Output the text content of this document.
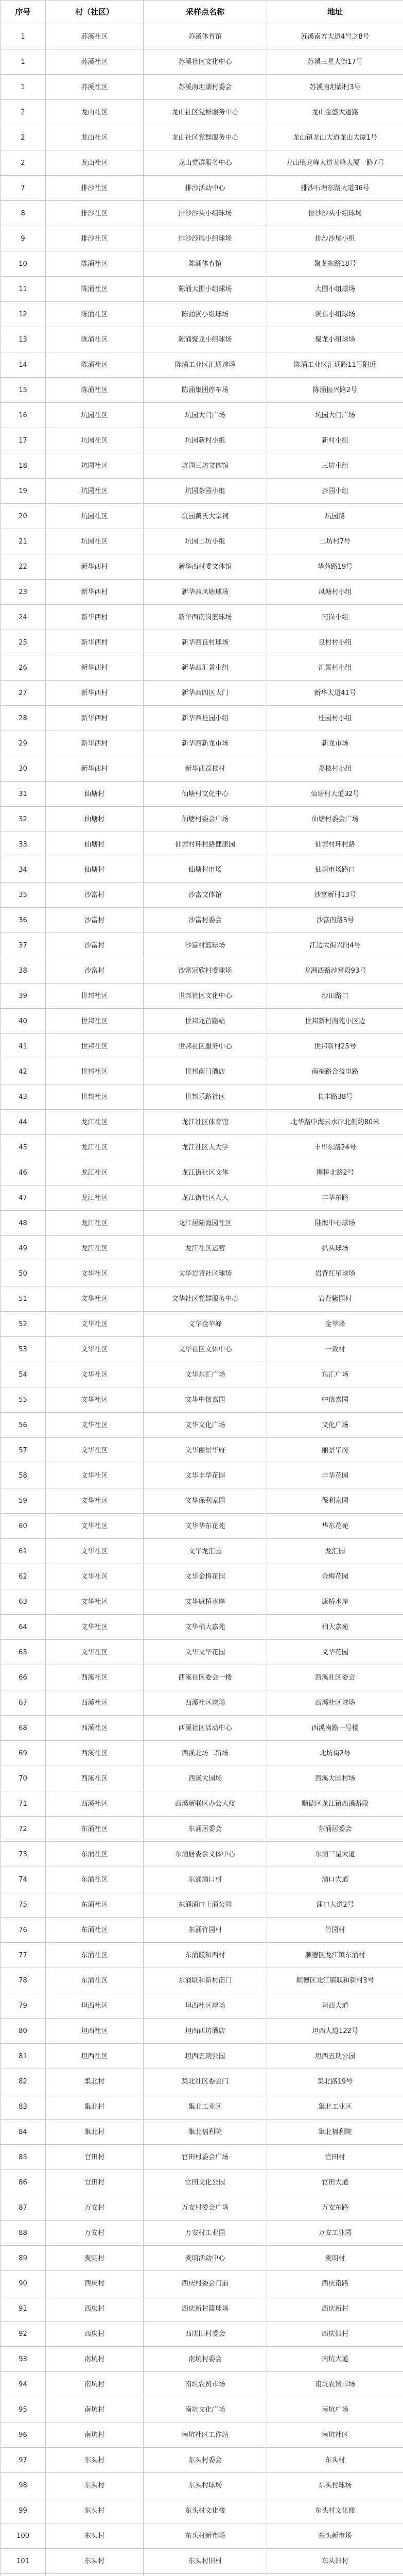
序号	村（社区）	采样点名称	地址
1	苏溪社区	苏溪体育馆	苏溪南方大道4号之8号
1	苏溪社区	苏溪社区文化中心	苏溪三星大街17号
1	苏溪社区	苏溪南坦湖村委会	苏溪南坦湖村3号
2	龙山社区	龙山社区党群服务中心	龙山金盛大道路
2	龙山社区	龙山社区党群服务中心	龙山镇龙山大道龙山大厦1号
2	龙山社区	龙山党群服务中心	龙山镇龙峰大道龙峰大厦一路7号
7	排沙社区	排沙活动中心	排沙石塘东路大道36号
8	排沙社区	排沙沙头小组球场	排沙沙头小组球场
9	排沙社区	排沙沙尾小组球场	排沙沙尾小组
10	陈涌社区	陈涌体育馆	聚龙东路18号
11	陈涌社区	陈涌大围小组球场	大围小组球场
12	陈涌社区	陈涌溪小组球场	溪东小组球场
13	陈涌社区	陈涌聚龙小组球场	聚龙小组球场
14	陈涌社区	陈涌工业区汇通球场	陈涌工业区汇通路11号附近
15	陈涌社区	陈涌集团停车场	陈涌振兴路2号
16	坑园社区	坑园大门广场	坑园大门广场
17	坑园社区	坑园新村小组	新村小组
18	坑园社区	坑园三坊文体馆	三坊小组
19	坑园社区	坑园茶园小组	茶园小组
20	坑园社区	坑园黄氏大宗祠	坑园路
21	坑园社区	坑园二坊小组	二坊村7号
22	新华西村	新华西村委文体馆	华苑路19号
23	新华西村	新华西凤塘球场	凤塘村小组
24	新华西村	新华西南岗篮球场	南岗小组
25	新华西村	新华西良村球场	良村村小组
26	新华西村	新华西汇景小组	汇景村小组
27	新华西村	新华西四区大门	新华大道41号
28	新华西村	新华西桂园小组	桂园村小组
29	新华西村	新华西新龙市场	新龙市场
30	新华西村	新华西荔枝村	荔枝村小组
31	仙塘村	仙塘村文化中心	仙塘村大道32号
32	仙塘村	仙塘村委会广场	仙塘村委会广场
33	仙塘村	仙塘村环村路健康园	仙塘村环村路
34	仙塘村	仙塘村市场	仙塘市场路口
35	沙富村	沙富文体馆	沙富新村13号
36	沙富村	沙富村委会	沙富南路3号
37	沙富村	沙富村篮球场	江边大街兴阳4号
38	沙富村	沙富冠欣村委球场	龙洲西路沙富段93号
39	世邦社区	世邦社区文化中心	沙田路口
40	世邦社区	世邦龙首路站	世邦新村南苑小区边
41	世邦社区	世邦社区服务中心	世邦新村25号
42	世邦社区	世邦南门酒店	南福路合益电路
43	世邦社区	世邦乐路社区	长丰路38号
44	龙江社区	龙江社区体育馆	北华路中海云水岸北侧约80米
45	龙江社区	龙江社区人大学	丰华东路24号
46	龙江社区	龙江街社区文体	狮桥北路2号
47	龙江社区	龙江街社区人大	丰华东路
48	龙江社区	龙江居陆海园社区	陆海中心球场
49	龙江社区	龙江社区运营	扒头球场
50	文华社区	文华岩背社区球场	岩背红星球场
51	文华社区	文华社区党群服务中心	岩背紫园村
52	文华社区	文华金苹峰	金苹峰
53	文华社区	文华社区文体中心	一致村
54	文华社区	文华东汇广场	东汇广场
55	文华社区	文华中信嘉园	中信嘉园
56	文华社区	文华文化广场	文化广场
57	文华社区	文华丽景华府	丽景华府
58	文华社区	文华丰华花园	丰华花园
59	文华社区	文华保利家园	保利家园
60	文华社区	文华华东花苑	华东花苑
61	文华社区	文华龙汇园	龙汇园
62	文华社区	文华金梅花园	金梅花园
63	文华社区	文华康桥水岸	康桥水岸
64	文华社区	文华柏大嘉苑	柏大嘉苑
65	文华社区	文华文华花园	文华花园
66	西溪社区	西溪社区委会一楼	西溪社区委会
67	西溪社区	西溪社区球场	西溪社区球场
68	西溪社区	西溪社区活动中心	西溪南路一号楼
69	西溪社区	西溪北坊二新场	北坊街2号
70	西溪社区	西溪大园场	西溪大园村场
71	西溪社区	西溪新联区办公大楼	顺德区龙江镇西溪路段
72	东涌社区	东涌居委会	东涌居委会
73	东涌社区	东涌居委会文体中心	东涌三星大道
74	东涌社区	东涌涌口村	涌口大道
75	东涌社区	东涌涌口上涌公园	涌口大道2号
76	东涌社区	东涌竹园村	竹园村
77	东涌社区	东涌联和西村	顺德区龙江镇东涌村
78	东涌社区	东涌联和新村南门	顺德区龙江镇联和新村3号
79	坦西社区	坦西社区球场	坦西大道
80	坦西社区	坦西西坊酒店	坦西大道122号
81	坦西社区	坦西五期公园	坦西五期公园
82	集北村	集北社区委会门	集北路19号
83	集北村	集北工业区	集北工业区
84	集北村	集北福利院	集北福利院
85	官田村	官田村委会广场	官田村
86	官田村	官田文化公园	官田大道
87	万安村	万安村委会广场	万安东路
88	万安村	万安村工业园	万安工业园
89	麦朗村	麦朗活动中心	麦朗村
90	西庆村	西庆村委会门前	西庆南路
91	西庆村	西庆新村篮球场	西庆新村
92	西庆村	西庆旧村委会	西庆旧村
93	南坑村	南坑村委会	南坑大道
94	南坑村	南坑农贸市场	南坑农贸市场
95	南坑村	南坑文化广场	南坑广场
96	南坑村	南坑社区工作站	南坑社区
97	东头村	东头村委会	东头村
98	东头村	东头村球场	东头村球场
99	东头村	东头村文化楼	东头村文化楼
100	东头村	东头村新市场	东头新市场
101	东头村	东头村旧村	东头旧村
